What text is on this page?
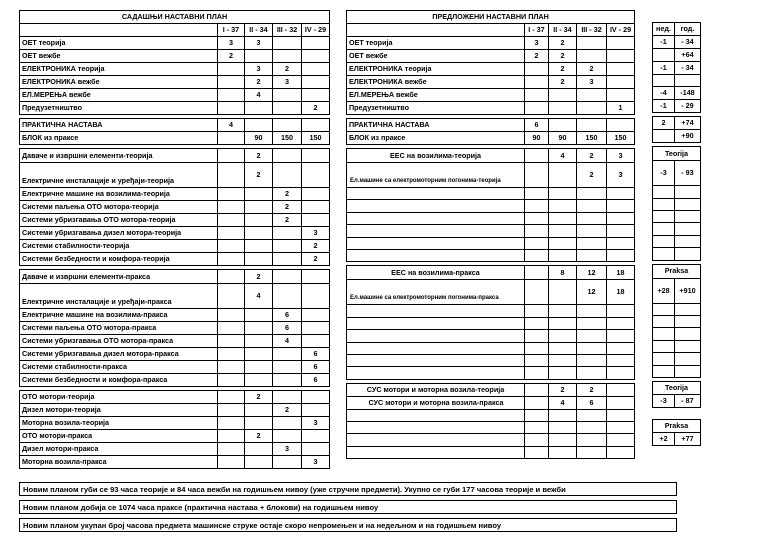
САДАШЊИ НАСТАВНИ ПЛАН				
	I - 37	II - 34	III - 32	IV - 29
ОЕТ теорија	3	3		
ОЕТ вежбе	2			
ЕЛЕКТРОНИКА теорија		3	2	
ЕЛЕКТРОНИКА вежбе		2	3	
ЕЛ.МЕРЕЊА вежбе		4		
Предузетништво				2

ПРАКТИЧНА НАСТАВА	4			
БЛОК из праксе		90	150	150

Даваче и извршни елементи-теорија		2		
Електричне инсталације и уређаји-теорија		2		
Електричне машине на возилима-теорија			2	
Системи паљења ОТО мотора-теорија			2	
Системи убризгавања ОТО мотора-теорија			2	
Системи убризгавања дизел мотора-теорија				3
Системи стабилности-теорија				2
Системи безбедности и комфора-теорија				2

Даваче и извршни елементи-пракса		2		
Електричне инсталације и уређаји-пракса		4		
Електричне машине на возилима-пракса			6	
Системи паљења ОТО мотора-пракса			6	
Системи убризгавања ОТО мотора-пракса			4	
Системи убризгавања дизел мотора-пракса				6
Системи стабилности-пракса				6
Системи безбедности и комфора-пракса				6

ОТО мотори-теорија		2		
Дизел мотори-теорија			2	
Моторна возила-теорија				3
ОТО мотори-пракса		2		
Дизел мотори-пракса			3	
Моторна возила-пракса				3
ПРЕДЛОЖЕНИ НАСТАВНИ ПЛАН				
	I - 37	II - 34	III - 32	IV - 29
ОЕТ теорија	3	2		
ОЕТ вежбе	2	2		
ЕЛЕКТРОНИКА теорија		2	2	
ЕЛЕКТРОНИКА вежбе		2	3	
ЕЛ.МЕРЕЊА вежбе				
Предузетништво				1

ПРАКТИЧНА НАСТАВА	6			
БЛОК из праксе	90	90	150	150

ЕЕС на возилима-теорија		4	2	3
Ел.машине са електромоторним погонима-теорија			2	3

ЕЕС на возилима-пракса		8	12	18
Ел.машине са електромоторним погонима-пракса			12	18

СУС мотори и моторна возила-теорија		2	2	
СУС мотори и моторна возила-пракса		4	6	

нед.	год.
-1	- 34
	+64
-1	- 34

-4	-148
-1	- 29

2	+74
	+90

Teorija	
-3	- 93

Praksa	
+28	+910

Teorija	
-3	- 87

Praksa	
+2	+77
Новим планом губи се 93 часа теорије и 84 часа вежби на годишњем нивоу (уже стручни предмети). Укупно се губи 177 часова теорије и вежби
Новим планом добија се 1074 часа праксе (практична настава + блокови) на годишњем нивоу
Новим планом укупан број часова предмета машинске струке остаје скоро непромењен и на недељном и на годишњем нивоу
